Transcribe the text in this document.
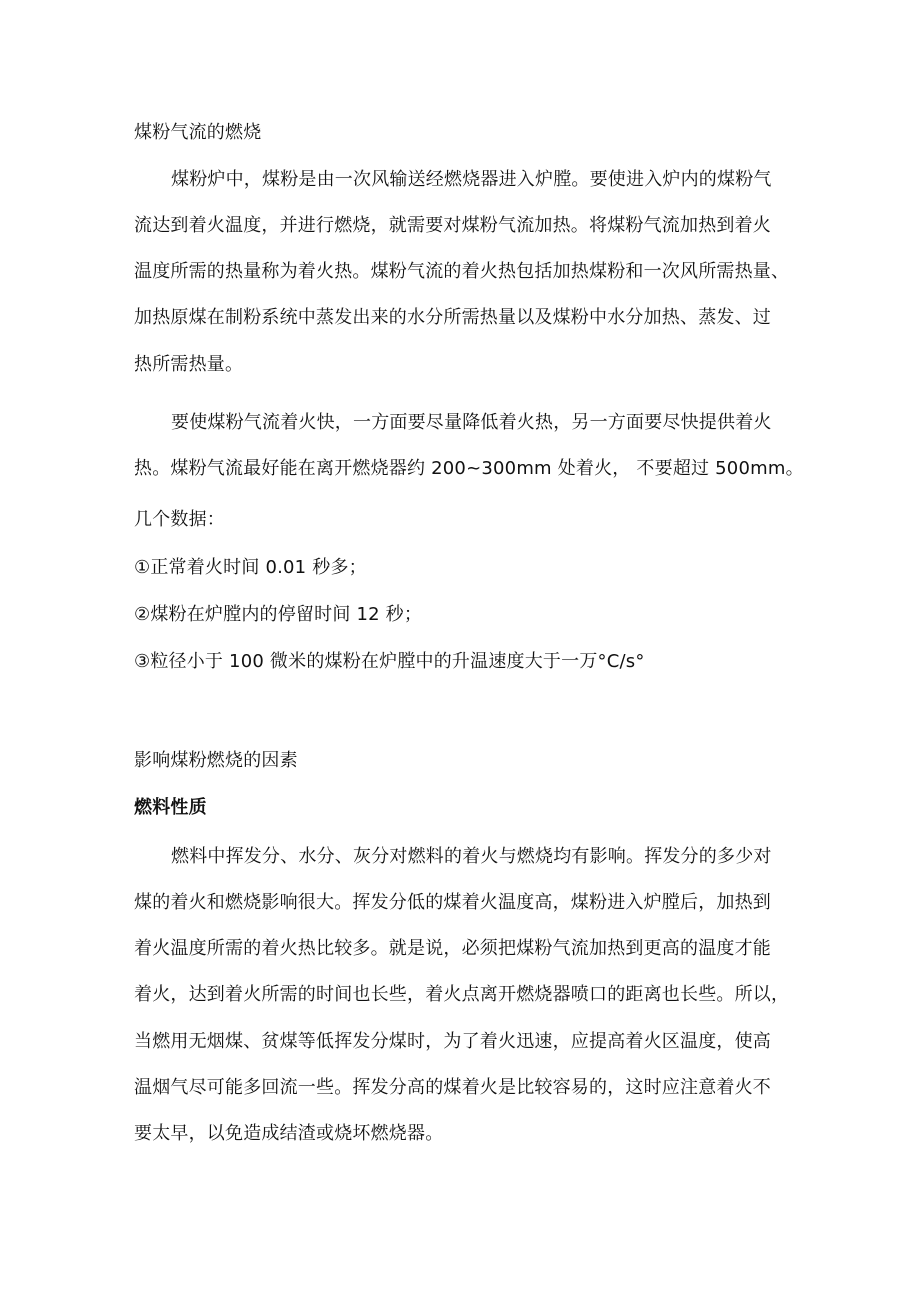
煤粉气流的燃烧
煤粉炉中，煤粉是由一次风输送经燃烧器进入炉膛。要使进入炉内的煤粉气
流达到着火温度，并进行燃烧，就需要对煤粉气流加热。将煤粉气流加热到着火
温度所需的热量称为着火热。煤粉气流的着火热包括加热煤粉和一次风所需热量、
加热原煤在制粉系统中蒸发出来的水分所需热量以及煤粉中水分加热、蒸发、过
热所需热量。
要使煤粉气流着火快，一方面要尽量降低着火热，另一方面要尽快提供着火
热。煤粉气流最好能在离开燃烧器约 200~300mm 处着火， 不要超过 500mm。
几个数据：
①正常着火时间 0.01 秒多；
②煤粉在炉膛内的停留时间 12 秒；
③粒径小于 100 微米的煤粉在炉膛中的升温速度大于一万°C/s°
影响煤粉燃烧的因素
燃料性质
燃料中挥发分、水分、灰分对燃料的着火与燃烧均有影响。挥发分的多少对
煤的着火和燃烧影响很大。挥发分低的煤着火温度高，煤粉进入炉膛后，加热到
着火温度所需的着火热比较多。就是说，必须把煤粉气流加热到更高的温度才能
着火，达到着火所需的时间也长些，着火点离开燃烧器喷口的距离也长些。所以，
当燃用无烟煤、贫煤等低挥发分煤时，为了着火迅速，应提高着火区温度，使高
温烟气尽可能多回流一些。挥发分高的煤着火是比较容易的，这时应注意着火不
要太早，以免造成结渣或烧坏燃烧器。
